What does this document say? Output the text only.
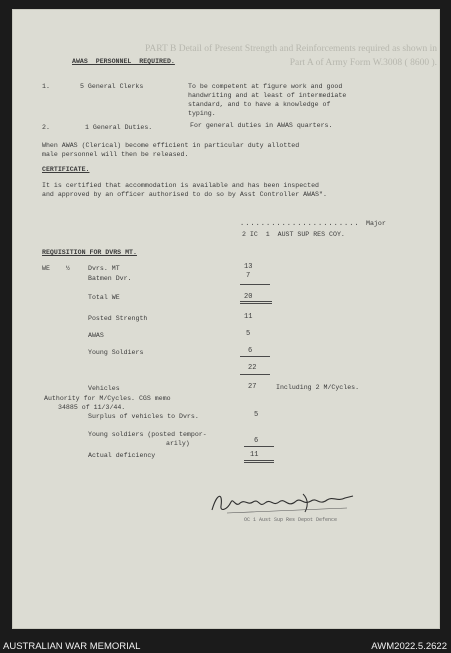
PART B Detail of Present Strength and Reinforcements required as shown in
Part A of Army Form W.3008 ( 8600 ).
AWAS  PERSONNEL  REQUIRED.
1.	5 General Clerks	To be competent at figure work and good
handwriting and at least of intermediate
standard, and to have a knowledge of
typing.
2.	1 General Duties.	For general duties in AWAS quarters.
When AWAS (Clerical) become efficient in particular duty allotted
male personnel will then be released.
CERTIFICATE.
It is certified that accommodation is available and has been inspected
and approved by an officer authorised to do so by Asst Controller AWAS".
....................... Major
2 IC  1  AUST SUP RES COY.
REQUISITION FOR DVRS MT.
WE ½	Dvrs. MT	13
Batmen Dvr.	7
Total WE	20
Posted Strength	11
AWAS	5
Young Soldiers	6
22
Vehicles	27	Including 2 M/Cycles.
Authority for M/Cycles. CGS memo
34885 of 11/3/44.
Surplus of vehicles to Dvrs.	5
Young soldiers (posted tempor-
arily)	6
Actual deficiency	11
OC 1 Aust Sup Res Depot Defence
AUSTRALIAN WAR MEMORIAL	AWM2022.5.2622
